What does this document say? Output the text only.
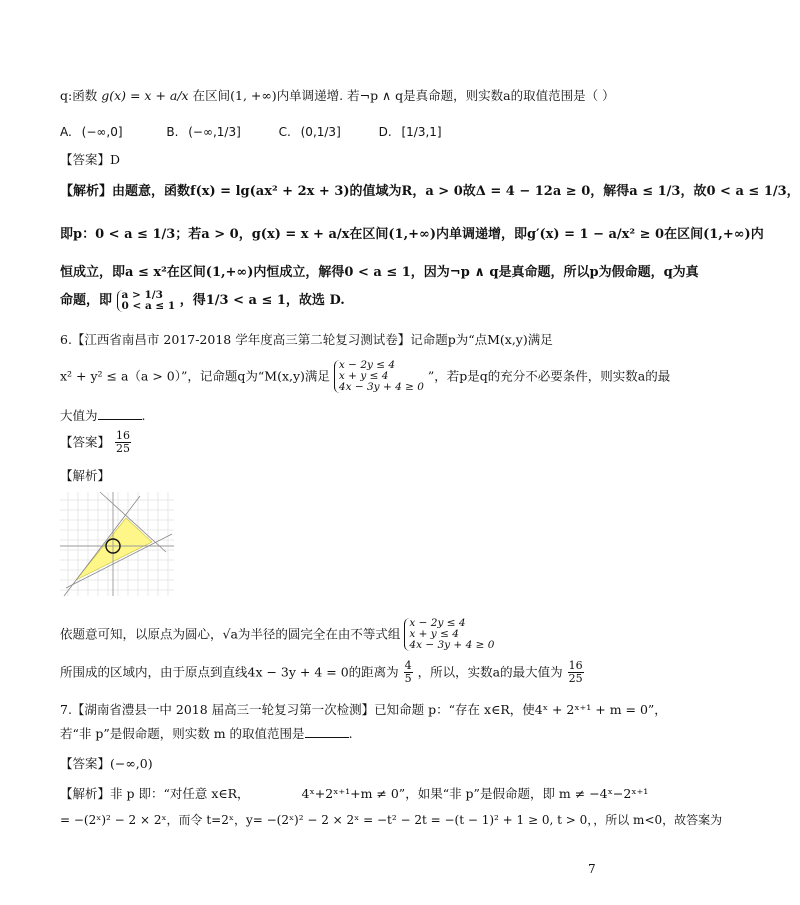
q:函数 g(x) = x + a/x 在区间(1, +∞)内单调递增. 若¬p ∧ q是真命题，则实数a的取值范围是（ ）
A. (−∞,0]	B. (−∞,1/3]	C. (0,1/3]	D. [1/3,1]
【答案】D
【解析】由题意，函数f(x) = lg(ax² + 2x + 3)的值域为R，a > 0故Δ = 4 − 12a ≥ 0，解得a ≤ 1/3，故0 < a ≤ 1/3，
即p：0 < a ≤ 1/3；若a > 0，g(x) = x + a/x在区间(1,+∞)内单调递增，即g′(x) = 1 − a/x² ≥ 0在区间(1,+∞)内
恒成立，即a ≤ x²在区间(1,+∞)内恒成立，解得0 < a ≤ 1，因为¬p ∧ q是真命题，所以p为假命题，q为真
命题，即 a > 1/3
0 < a ≤ 1 ，得1/3 < a ≤ 1，故选 D.
6.【江西省南昌市 2017-2018 学年度高三第二轮复习测试卷】记命题p为“点M(x,y)满足
x² + y² ≤ a（a > 0）”，记命题q为“M(x,y)满足
x − 2y ≤ 4
x + y ≤ 4
4x − 3y + 4 ≥ 0
”，若p是q的充分不必要条件，则实数a的最
大值为	.
【答案】 $\frac{16}{25}$
【解析】
依题意可知，以原点为圆心，√a为半径的圆完全在由不等式组
x − 2y ≤ 4
x + y ≤ 4
4x − 3y + 4 ≥ 0
所围成的区域内，由于原点到直线4x − 3y + 4 = 0的距离为 $\frac{4}{5}$ ，所以，实数a的最大值为 $\frac{16}{25}$
7.【湖南省澧县一中 2018 届高三一轮复习第一次检测】已知命题 p：“存在 x∈R，使4ˣ + 2ˣ⁺¹ + m = 0”，
若“非 p”是假命题，则实数 m 的取值范围是	.
【答案】(−∞,0)
【解析】非 p 即：“对任意 x∈R，	4ˣ+2ˣ⁺¹+m ≠ 0”，如果“非 p”是假命题，即 m ≠ −4ˣ−2ˣ⁺¹
= −(2ˣ)² − 2 × 2ˣ，而令 t=2ˣ，y= −(2ˣ)² − 2 × 2ˣ = −t² − 2t = −(t − 1)² + 1 ≥ 0, t > 0，，所以 m<0，故答案为
7
